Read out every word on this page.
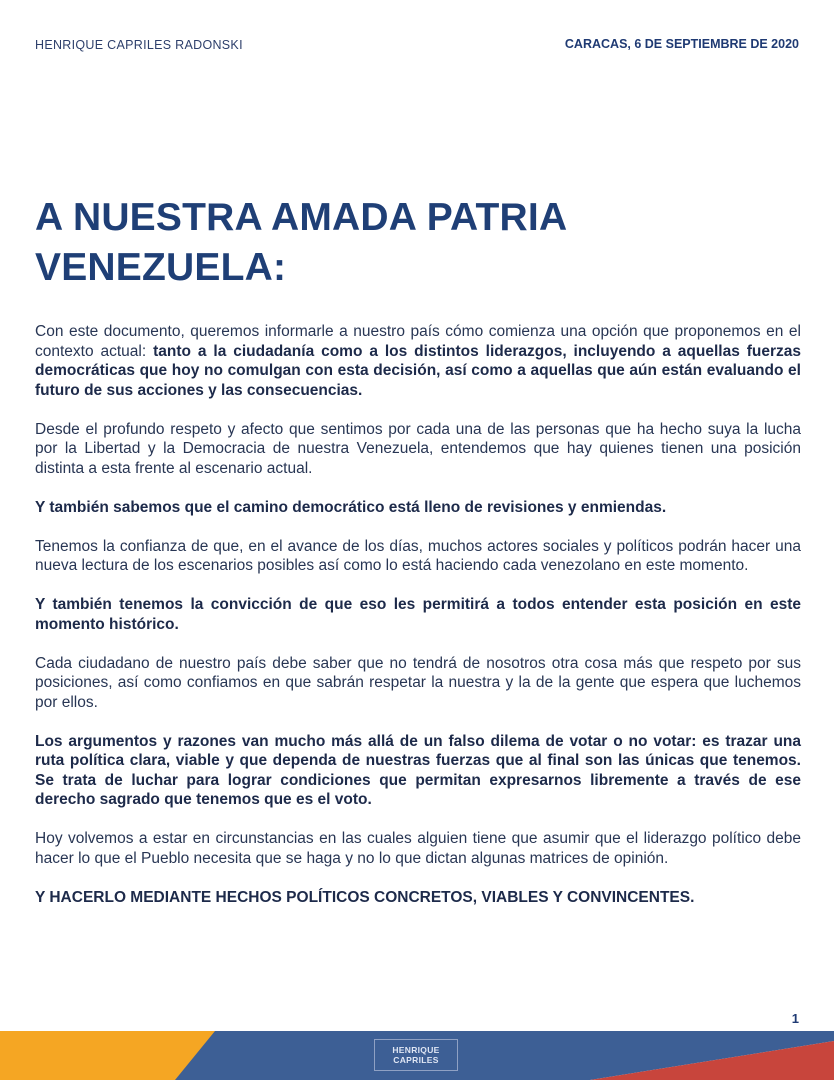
HENRIQUE CAPRILES RADONSKI	CARACAS, 6 DE SEPTIEMBRE DE 2020
A NUESTRA AMADA PATRIA
VENEZUELA:

Con este documento, queremos informarle a nuestro país cómo comienza una opción que proponemos en el contexto actual: tanto a la ciudadanía como a los distintos liderazgos, incluyendo a aquellas fuerzas democráticas que hoy no comulgan con esta decisión, así como a aquellas que aún están evaluando el futuro de sus acciones y las consecuencias.

Desde el profundo respeto y afecto que sentimos por cada una de las personas que ha hecho suya la lucha por la Libertad y la Democracia de nuestra Venezuela, entendemos que hay quienes tienen una posición distinta a esta frente al escenario actual.

Y también sabemos que el camino democrático está lleno de revisiones y enmiendas.

Tenemos la confianza de que, en el avance de los días, muchos actores sociales y políticos podrán hacer una nueva lectura de los escenarios posibles así como lo está haciendo cada venezolano en este momento.

Y también tenemos la convicción de que eso les permitirá a todos entender esta posición en este momento histórico.

Cada ciudadano de nuestro país debe saber que no tendrá de nosotros otra cosa más que respeto por sus posiciones, así como confiamos en que sabrán respetar la nuestra y la de la gente que espera que luchemos por ellos.

Los argumentos y razones van mucho más allá de un falso dilema de votar o no votar: es trazar una ruta política clara, viable y que dependa de nuestras fuerzas que al final son las únicas que tenemos. Se trata de luchar para lograr condiciones que permitan expresarnos libremente a través de ese derecho sagrado que tenemos que es el voto.

Hoy volvemos a estar en circunstancias en las cuales alguien tiene que asumir que el liderazgo político debe hacer lo que el Pueblo necesita que se haga y no lo que dictan algunas matrices de opinión.

Y HACERLO MEDIANTE HECHOS POLÍTICOS CONCRETOS, VIABLES Y CONVINCENTES.

1
HENRIQUE
CAPRILES
